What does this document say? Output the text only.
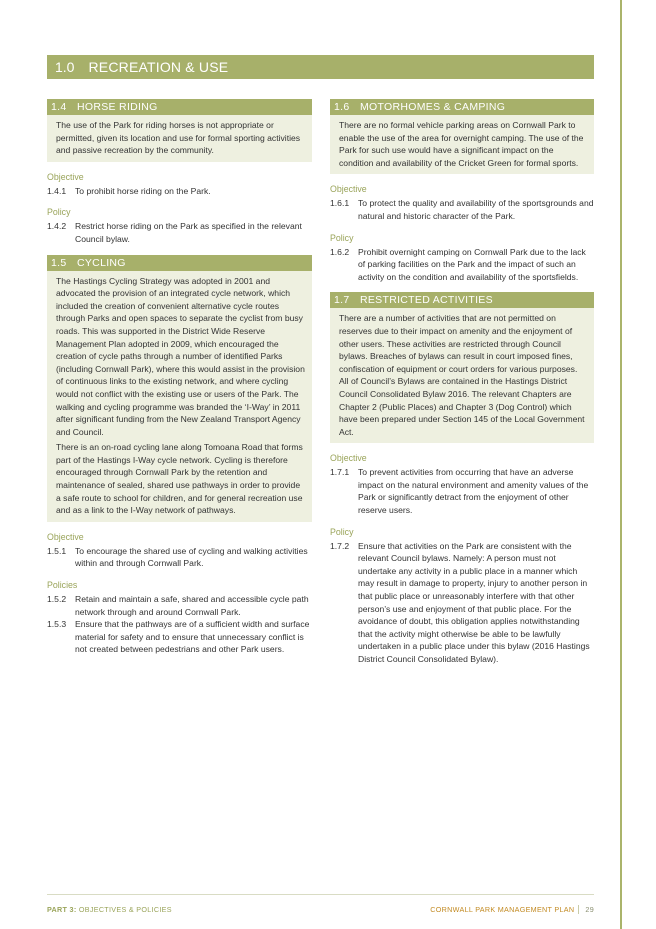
1.0 RECREATION & USE
1.4 HORSE RIDING

The use of the Park for riding horses is not appropriate or permitted, given its location and use for formal sporting activities and passive recreation by the community.

Objective
1.4.1	To prohibit horse riding on the Park.
Policy
1.4.2	Restrict horse riding on the Park as specified in the relevant Council bylaw.
1.5 CYCLING

The Hastings Cycling Strategy was adopted in 2001 and advocated the provision of an integrated cycle network, which included the creation of convenient alternative cycle routes through Parks and open spaces to separate the cyclist from busy roads. This was supported in the District Wide Reserve Management Plan adopted in 2009, which encouraged the creation of cycle paths through a number of identified Parks (including Cornwall Park), where this would assist in the provision of continuous links to the existing network, and where cycling would not conflict with the existing use or users of the Park. The walking and cycling programme was branded the ‘I-Way’ in 2011 after significant funding from the New Zealand Transport Agency and Council.

There is an on-road cycling lane along Tomoana Road that forms part of the Hastings I-Way cycle network. Cycling is therefore encouraged through Cornwall Park by the retention and maintenance of sealed, shared use pathways in order to provide a safe route to school for children, and for general recreation use and as a link to the I-Way network of pathways.

Objective
1.5.1	To encourage the shared use of cycling and walking activities within and through Cornwall Park.
Policies
1.5.2	Retain and maintain a safe, shared and accessible cycle path network through and around Cornwall Park.
1.5.3	Ensure that the pathways are of a sufficient width and surface material for safety and to ensure that unnecessary conflict is not created between pedestrians and other Park users.
1.6 MOTORHOMES & CAMPING

There are no formal vehicle parking areas on Cornwall Park to enable the use of the area for overnight camping. The use of the Park for such use would have a significant impact on the condition and availability of the Cricket Green for formal sports.

Objective
1.6.1	To protect the quality and availability of the sportsgrounds and natural and historic character of the Park.
Policy
1.6.2	Prohibit overnight camping on Cornwall Park due to the lack of parking facilities on the Park and the impact of such an activity on the condition and availability of the sportsfields.
1.7 RESTRICTED ACTIVITIES

There are a number of activities that are not permitted on reserves due to their impact on amenity and the enjoyment of other users. These activities are restricted through Council bylaws. Breaches of bylaws can result in court imposed fines, confiscation of equipment or court orders for various purposes. All of Council’s Bylaws are contained in the Hastings District Council Consolidated Bylaw 2016. The relevant Chapters are Chapter 2 (Public Places) and Chapter 3 (Dog Control) which have been prepared under Section 145 of the Local Government Act.

Objective
1.7.1	To prevent activities from occurring that have an adverse impact on the natural environment and amenity values of the Park or significantly detract from the enjoyment of other reserve users.
Policy
1.7.2	Ensure that activities on the Park are consistent with the relevant Council bylaws. Namely: A person must not undertake any activity in a public place in a manner which may result in damage to property, injury to another person in that public place or unreasonably interfere with that other person’s use and enjoyment of that public place. For the avoidance of doubt, this obligation applies notwithstanding that the activity might otherwise be able to be lawfully undertaken in a public place under this bylaw (2016 Hastings District Council Consolidated Bylaw).
PART 3: OBJECTIVES & POLICIES	CORNWALL PARK MANAGEMENT PLAN 29
